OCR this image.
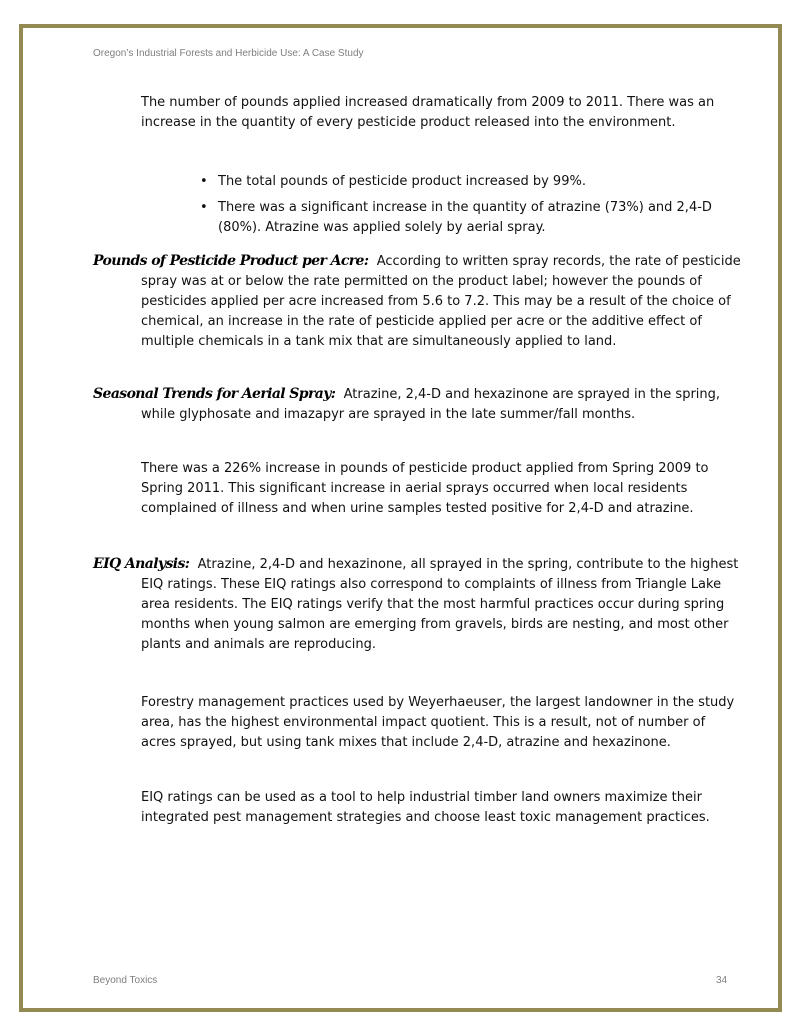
Oregon’s Industrial Forests and Herbicide Use: A Case Study

The number of pounds applied increased dramatically from 2009 to 2011. There was an increase in the quantity of every pesticide product released into the environment.

• The total pounds of pesticide product increased by 99%.
• There was a significant increase in the quantity of atrazine (73%) and 2,4-D (80%). Atrazine was applied solely by aerial spray.

Pounds of Pesticide Product per Acre: According to written spray records, the rate of pesticide spray was at or below the rate permitted on the product label; however the pounds of pesticides applied per acre increased from 5.6 to 7.2. This may be a result of the choice of chemical, an increase in the rate of pesticide applied per acre or the additive effect of multiple chemicals in a tank mix that are simultaneously applied to land.

Seasonal Trends for Aerial Spray: Atrazine, 2,4-D and hexazinone are sprayed in the spring, while glyphosate and imazapyr are sprayed in the late summer/fall months.

There was a 226% increase in pounds of pesticide product applied from Spring 2009 to Spring 2011. This significant increase in aerial sprays occurred when local residents complained of illness and when urine samples tested positive for 2,4-D and atrazine.

EIQ Analysis: Atrazine, 2,4-D and hexazinone, all sprayed in the spring, contribute to the highest EIQ ratings. These EIQ ratings also correspond to complaints of illness from Triangle Lake area residents. The EIQ ratings verify that the most harmful practices occur during spring months when young salmon are emerging from gravels, birds are nesting, and most other plants and animals are reproducing.

Forestry management practices used by Weyerhaeuser, the largest landowner in the study area, has the highest environmental impact quotient. This is a result, not of number of acres sprayed, but using tank mixes that include 2,4-D, atrazine and hexazinone.

EIQ ratings can be used as a tool to help industrial timber land owners maximize their integrated pest management strategies and choose least toxic management practices.

Beyond Toxics	34
